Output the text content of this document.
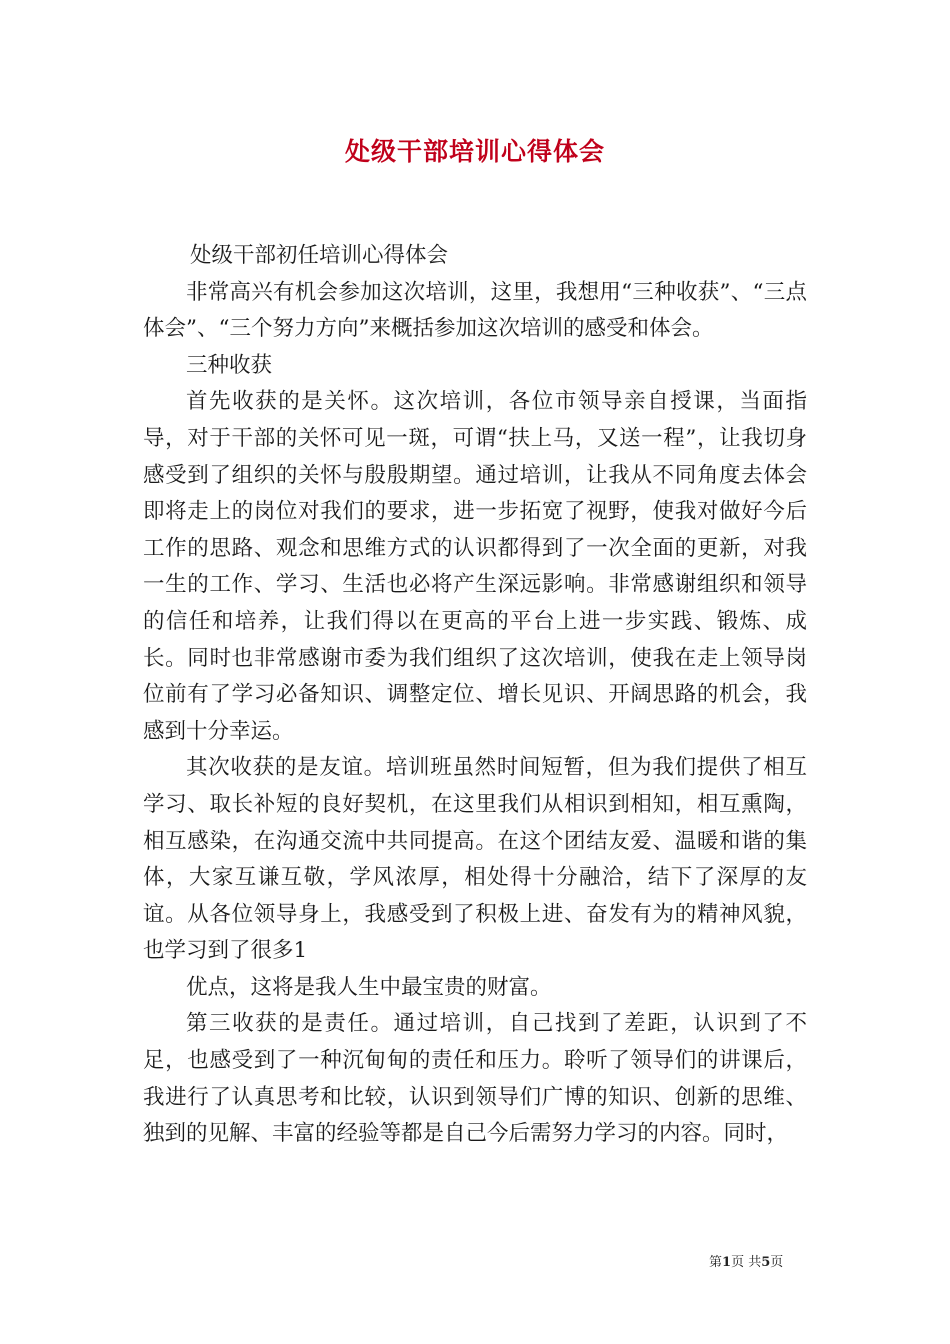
处级干部培训心得体会

处级干部初任培训心得体会

非常高兴有机会参加这次培训，这里，我想用“三种收获”、“三点体会”、“三个努力方向”来概括参加这次培训的感受和体会。

三种收获

首先收获的是关怀。这次培训，各位市领导亲自授课，当面指导，对于干部的关怀可见一斑，可谓“扶上马，又送一程”，让我切身感受到了组织的关怀与殷殷期望。通过培训，让我从不同角度去体会即将走上的岗位对我们的要求，进一步拓宽了视野，使我对做好今后工作的思路、观念和思维方式的认识都得到了一次全面的更新，对我一生的工作、学习、生活也必将产生深远影响。非常感谢组织和领导的信任和培养，让我们得以在更高的平台上进一步实践、锻炼、成长。同时也非常感谢市委为我们组织了这次培训，使我在走上领导岗位前有了学习必备知识、调整定位、增长见识、开阔思路的机会，我感到十分幸运。

其次收获的是友谊。培训班虽然时间短暂，但为我们提供了相互学习、取长补短的良好契机，在这里我们从相识到相知，相互熏陶，相互感染，在沟通交流中共同提高。在这个团结友爱、温暖和谐的集体，大家互谦互敬，学风浓厚，相处得十分融洽，结下了深厚的友谊。从各位领导身上，我感受到了积极上进、奋发有为的精神风貌，也学习到了很多1

优点，这将是我人生中最宝贵的财富。

第三收获的是责任。通过培训，自己找到了差距，认识到了不足，也感受到了一种沉甸甸的责任和压力。聆听了领导们的讲课后，我进行了认真思考和比较，认识到领导们广博的知识、创新的思维、独到的见解、丰富的经验等都是自己今后需努力学习的内容。同时，

第1页 共5页
